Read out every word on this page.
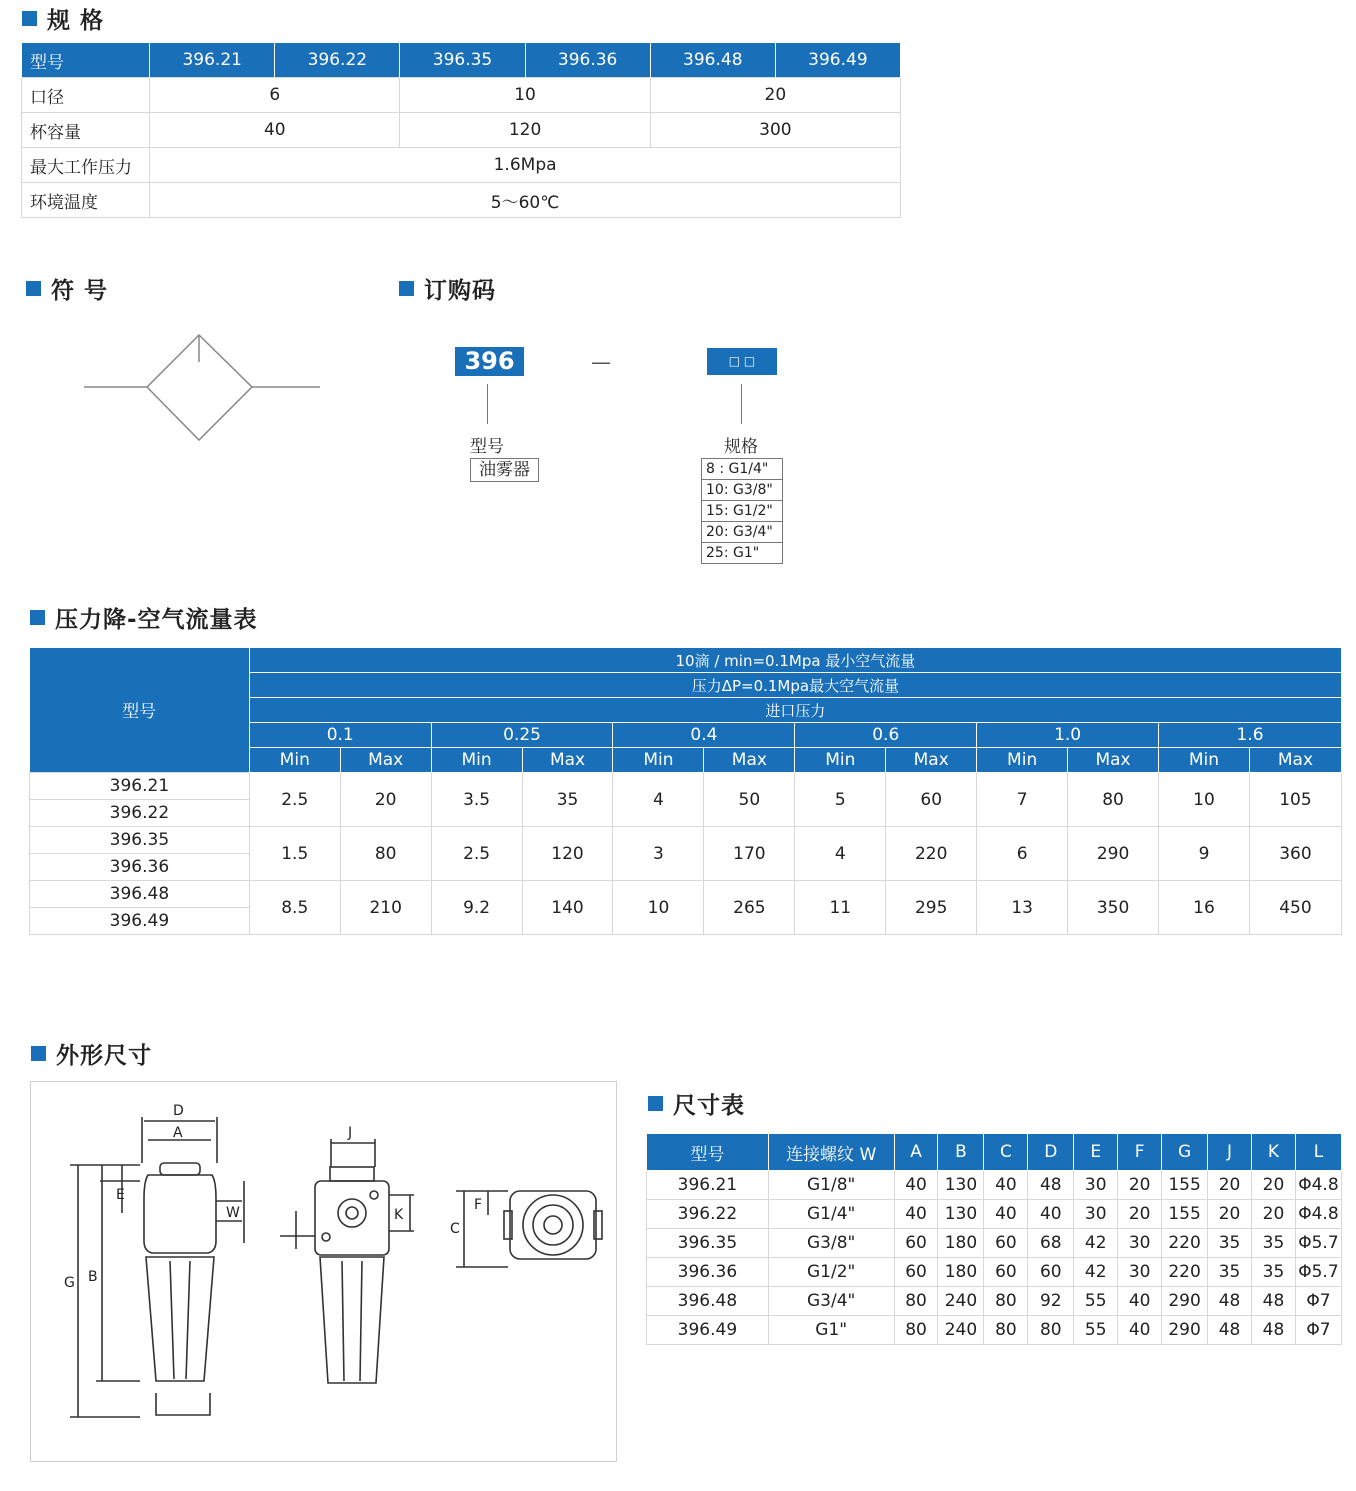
规 格
型号	396.21	396.22	396.35	396.36	396.48	396.49
口径	6		10		20	
杯容量	40		120		300	
最大工作压力	1.6Mpa					
环境温度	5～60℃					
符 号	订购码
396	—	□ □
型号
油雾器
规格
8 : G1/4"
10: G3/8"
15: G1/2"
20: G3/4"
25: G1"
压力降-空气流量表
型号	10滴 / min=0.1Mpa 最小空气流量											
	压力ΔP=0.1Mpa最大空气流量											
	进口压力											
	0.1		0.25		0.4		0.6		1.0		1.6	
	Min	Max	Min	Max	Min	Max	Min	Max	Min	Max	Min	Max
396.21	2.5	20	3.5	35	4	50	5	60	7	80	10	105
396.22												
396.35	1.5	80	2.5	120	3	170	4	220	6	290	9	360
396.36												
396.48	8.5	210	9.2	140	10	265	11	295	13	350	16	450
396.49												
外形尺寸
D
A
E
W
G B
J
K
C
F
尺寸表
型号	连接螺纹 W	A	B	C	D	E	F	G	J	K	L
396.21	G1/8"	40	130	40	48	30	20	155	20	20	Φ4.8
396.22	G1/4"	40	130	40	40	30	20	155	20	20	Φ4.8
396.35	G3/8"	60	180	60	68	42	30	220	35	35	Φ5.7
396.36	G1/2"	60	180	60	60	42	30	220	35	35	Φ5.7
396.48	G3/4"	80	240	80	92	55	40	290	48	48	Φ7
396.49	G1"	80	240	80	80	55	40	290	48	48	Φ7
